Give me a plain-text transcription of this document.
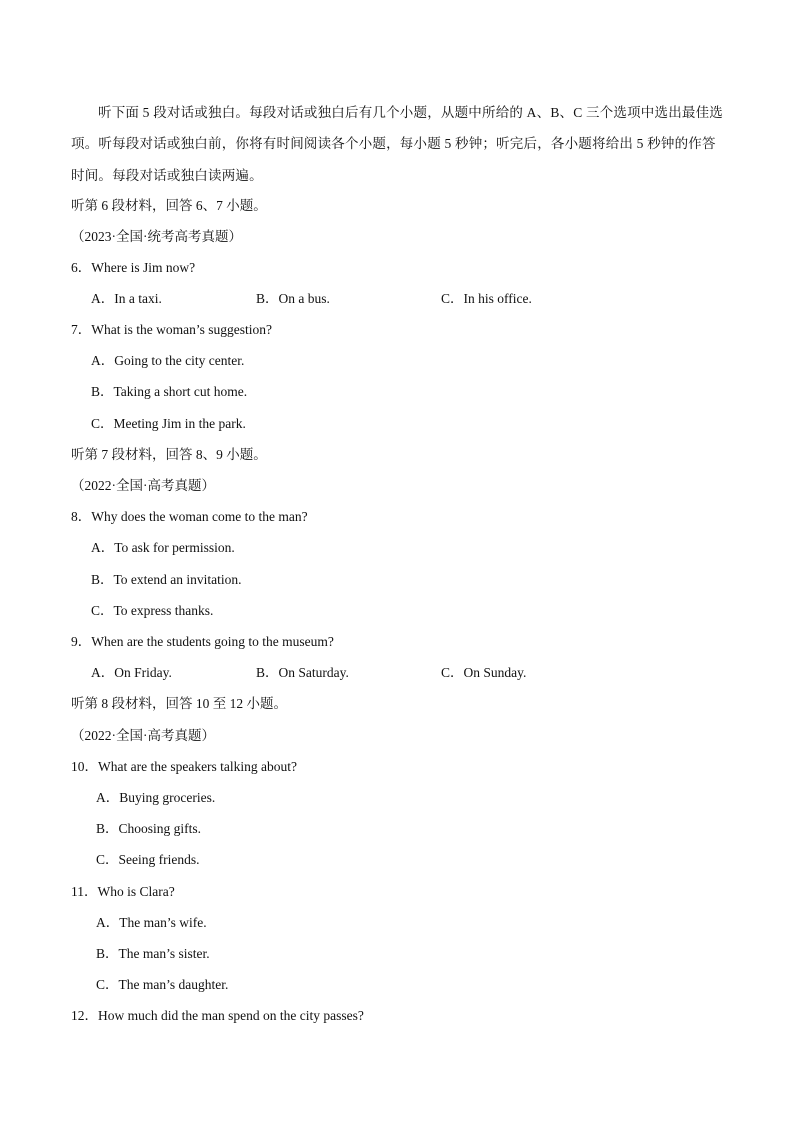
听下面 5 段对话或独白。每段对话或独白后有几个小题，从题中所给的 A、B、C 三个选项中选出最佳选项。听每段对话或独白前，你将有时间阅读各个小题，每小题 5 秒钟；听完后，各小题将给出 5 秒钟的作答时间。每段对话或独白读两遍。
听第 6 段材料，回答 6、7 小题。
（2023·全国·统考高考真题）
6．Where is Jim now?
A．In a taxi.	B．On a bus.	C．In his office.
7．What is the woman’s suggestion?
A．Going to the city center.
B．Taking a short cut home.
C．Meeting Jim in the park.
听第 7 段材料，回答 8、9 小题。
（2022·全国·高考真题）
8．Why does the woman come to the man?
A．To ask for permission.
B．To extend an invitation.
C．To express thanks.
9．When are the students going to the museum?
A．On Friday.	B．On Saturday.	C．On Sunday.
听第 8 段材料，回答 10 至 12 小题。
（2022·全国·高考真题）
10．What are the speakers talking about?
A．Buying groceries.
B．Choosing gifts.
C．Seeing friends.
11．Who is Clara?
A．The man’s wife.
B．The man’s sister.
C．The man’s daughter.
12．How much did the man spend on the city passes?
